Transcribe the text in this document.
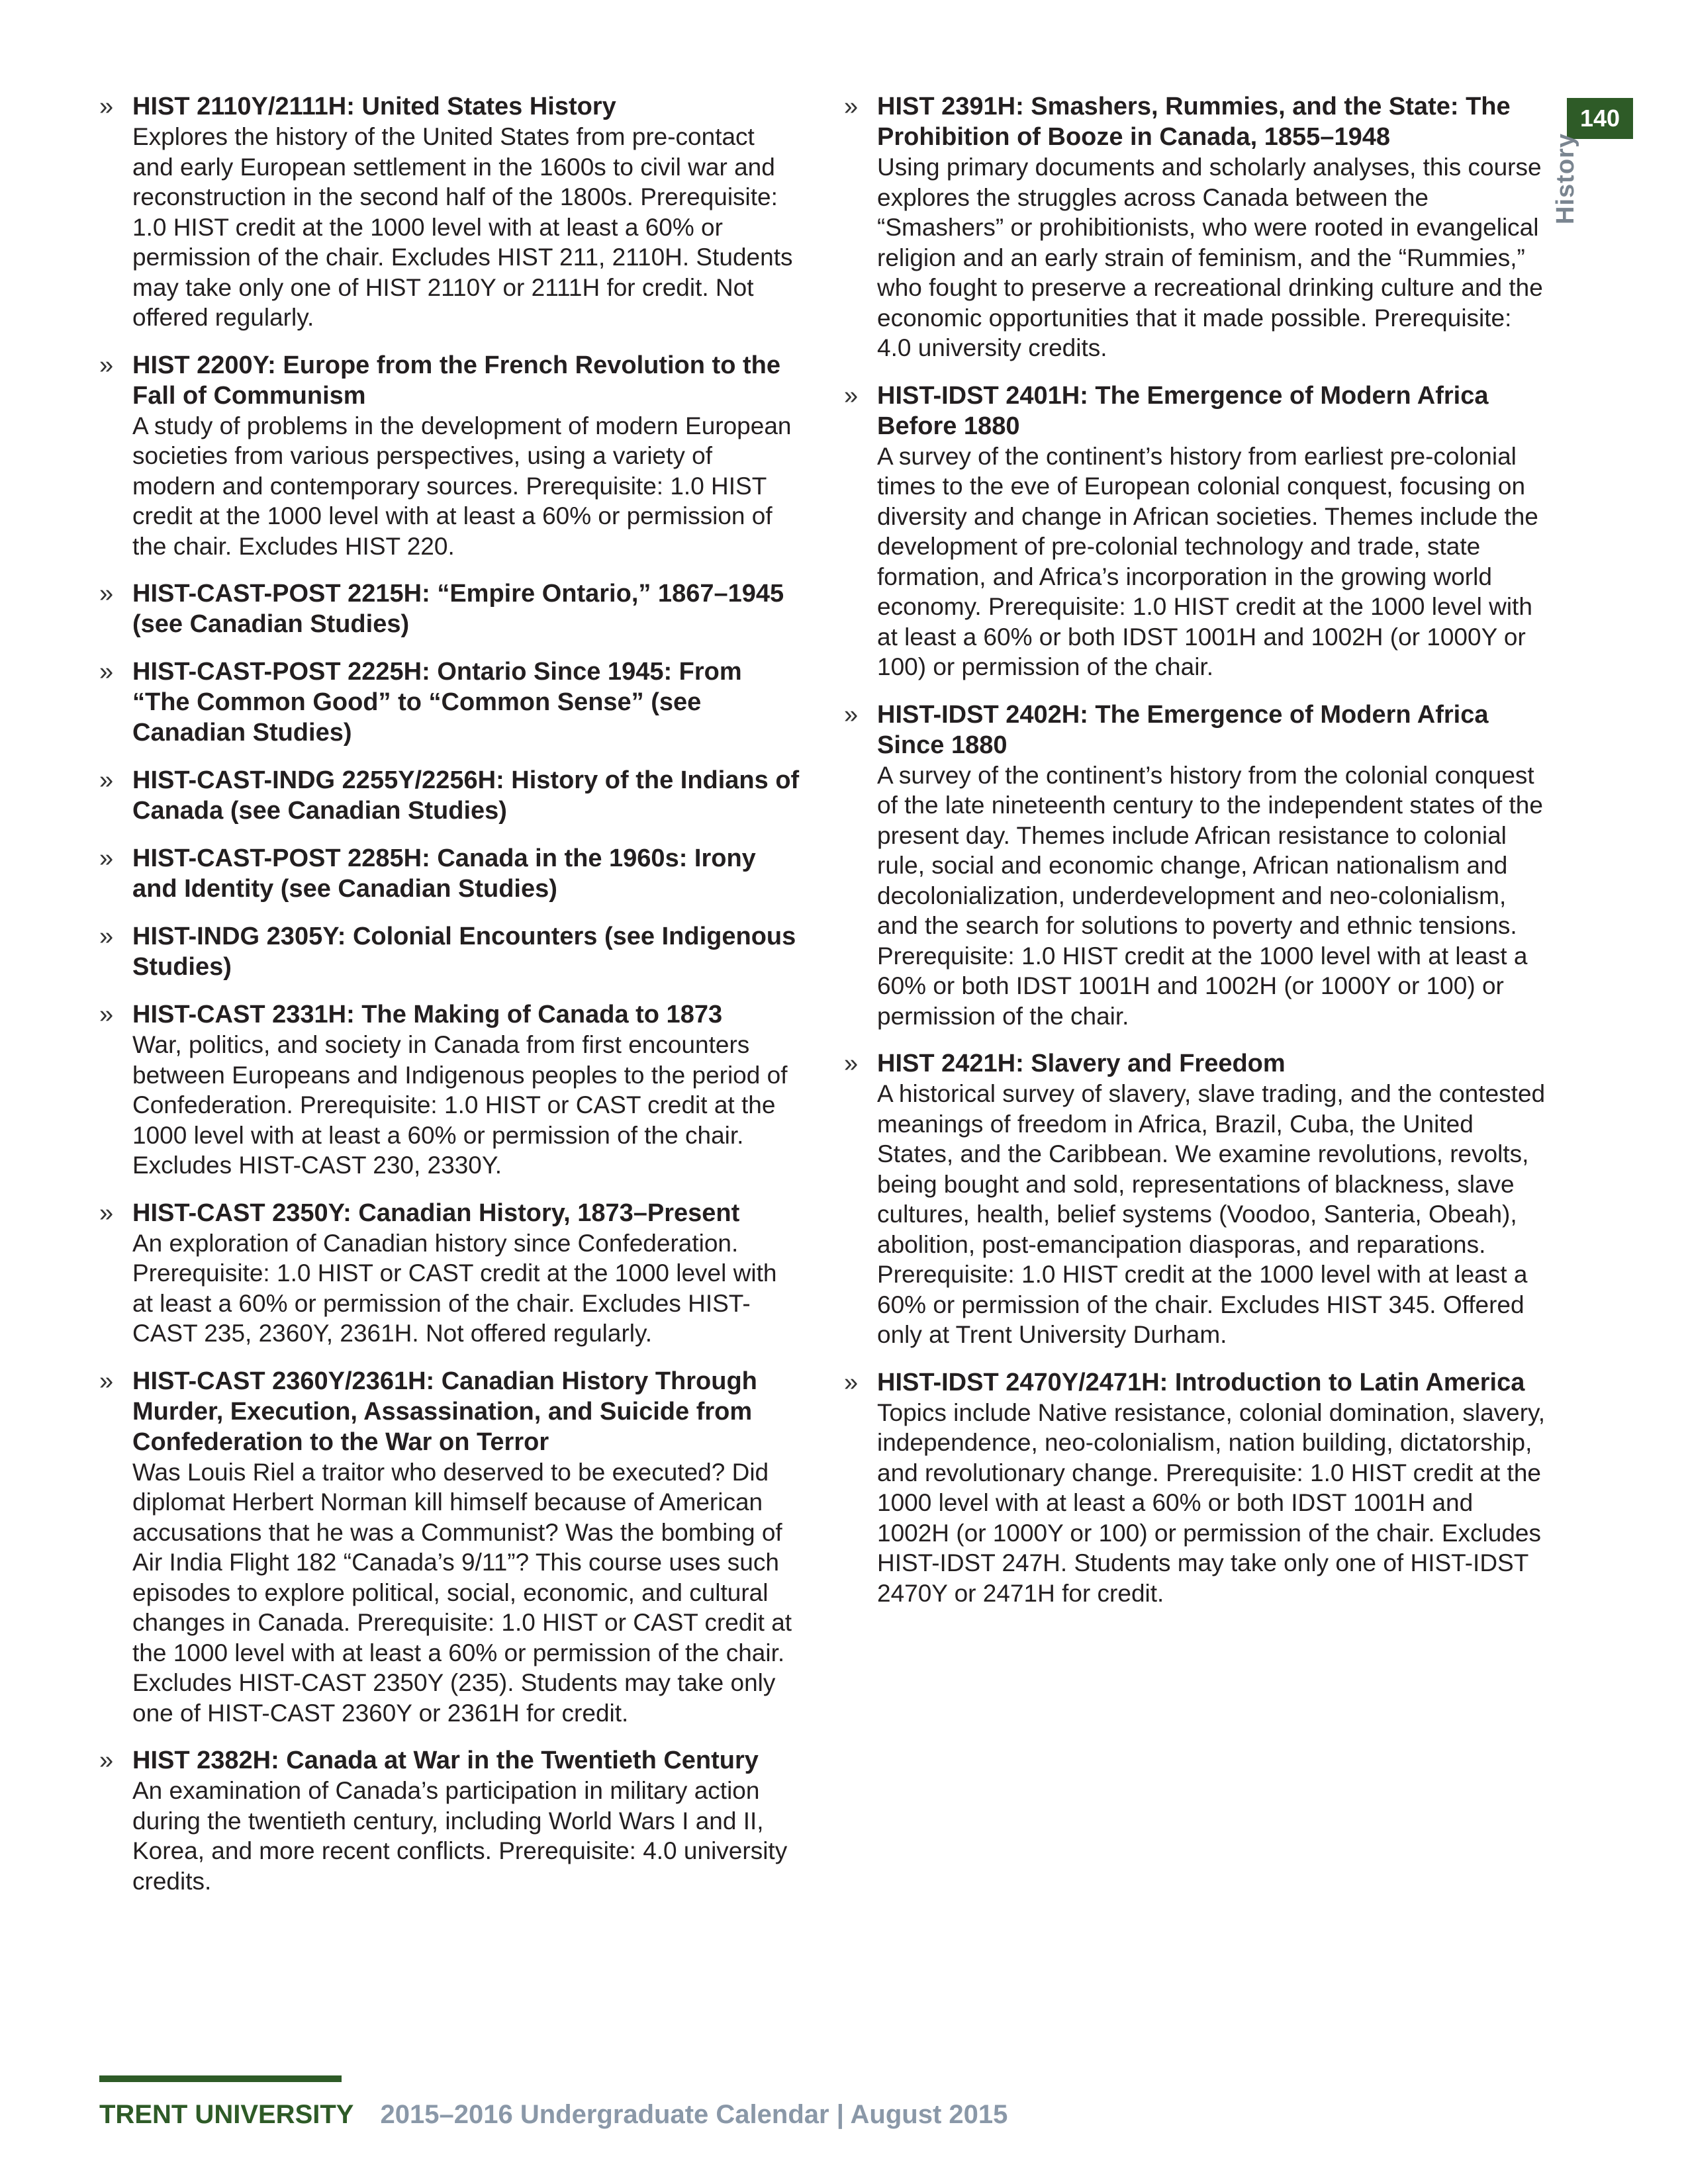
» HIST 2110Y/2111H: United States History
Explores the history of the United States from pre-contact and early European settlement in the 1600s to civil war and reconstruction in the second half of the 1800s. Prerequisite: 1.0 HIST credit at the 1000 level with at least a 60% or permission of the chair. Excludes HIST 211, 2110H. Students may take only one of HIST 2110Y or 2111H for credit. Not offered regularly.
» HIST 2200Y: Europe from the French Revolution to the Fall of Communism
A study of problems in the development of modern European societies from various perspectives, using a variety of modern and contemporary sources. Prerequisite: 1.0 HIST credit at the 1000 level with at least a 60% or permission of the chair. Excludes HIST 220.
» HIST-CAST-POST 2215H: “Empire Ontario,” 1867–1945 (see Canadian Studies)
» HIST-CAST-POST 2225H: Ontario Since 1945: From “The Common Good” to “Common Sense” (see Canadian Studies)
» HIST-CAST-INDG 2255Y/2256H: History of the Indians of Canada (see Canadian Studies)
» HIST-CAST-POST 2285H: Canada in the 1960s: Irony and Identity (see Canadian Studies)
» HIST-INDG 2305Y: Colonial Encounters (see Indigenous Studies)
» HIST-CAST 2331H: The Making of Canada to 1873
War, politics, and society in Canada from first encounters between Europeans and Indigenous peoples to the period of Confederation. Prerequisite: 1.0 HIST or CAST credit at the 1000 level with at least a 60% or permission of the chair. Excludes HIST-CAST 230, 2330Y.
» HIST-CAST 2350Y: Canadian History, 1873–Present
An exploration of Canadian history since Confederation. Prerequisite: 1.0 HIST or CAST credit at the 1000 level with at least a 60% or permission of the chair. Excludes HIST-CAST 235, 2360Y, 2361H. Not offered regularly.
» HIST-CAST 2360Y/2361H: Canadian History Through Murder, Execution, Assassination, and Suicide from Confederation to the War on Terror
Was Louis Riel a traitor who deserved to be executed? Did diplomat Herbert Norman kill himself because of American accusations that he was a Communist? Was the bombing of Air India Flight 182 “Canada’s 9/11”? This course uses such episodes to explore political, social, economic, and cultural changes in Canada. Prerequisite: 1.0 HIST or CAST credit at the 1000 level with at least a 60% or permission of the chair. Excludes HIST-CAST 2350Y (235). Students may take only one of HIST-CAST 2360Y or 2361H for credit.
» HIST 2382H: Canada at War in the Twentieth Century
An examination of Canada’s participation in military action during the twentieth century, including World Wars I and II, Korea, and more recent conflicts. Prerequisite: 4.0 university credits.
» HIST 2391H: Smashers, Rummies, and the State: The Prohibition of Booze in Canada, 1855–1948
Using primary documents and scholarly analyses, this course explores the struggles across Canada between the “Smashers” or prohibitionists, who were rooted in evangelical religion and an early strain of feminism, and the “Rummies,” who fought to preserve a recreational drinking culture and the economic opportunities that it made possible. Prerequisite: 4.0 university credits.
» HIST-IDST 2401H: The Emergence of Modern Africa Before 1880
A survey of the continent’s history from earliest pre-colonial times to the eve of European colonial conquest, focusing on diversity and change in African societies. Themes include the development of pre-colonial technology and trade, state formation, and Africa’s incorporation in the growing world economy. Prerequisite: 1.0 HIST credit at the 1000 level with at least a 60% or both IDST 1001H and 1002H (or 1000Y or 100) or permission of the chair.
» HIST-IDST 2402H: The Emergence of Modern Africa Since 1880
A survey of the continent’s history from the colonial conquest of the late nineteenth century to the independent states of the present day. Themes include African resistance to colonial rule, social and economic change, African nationalism and decolonialization, underdevelopment and neo-colonialism, and the search for solutions to poverty and ethnic tensions. Prerequisite: 1.0 HIST credit at the 1000 level with at least a 60% or both IDST 1001H and 1002H (or 1000Y or 100) or permission of the chair.
» HIST 2421H: Slavery and Freedom
A historical survey of slavery, slave trading, and the contested meanings of freedom in Africa, Brazil, Cuba, the United States, and the Caribbean. We examine revolutions, revolts, being bought and sold, representations of blackness, slave cultures, health, belief systems (Voodoo, Santeria, Obeah), abolition, post-emancipation diasporas, and reparations. Prerequisite: 1.0 HIST credit at the 1000 level with at least a 60% or permission of the chair. Excludes HIST 345. Offered only at Trent University Durham.
» HIST-IDST 2470Y/2471H: Introduction to Latin America
Topics include Native resistance, colonial domination, slavery, independence, neo-colonialism, nation building, dictatorship, and revolutionary change. Prerequisite: 1.0 HIST credit at the 1000 level with at least a 60% or both IDST 1001H and 1002H (or 1000Y or 100) or permission of the chair. Excludes HIST-IDST 247H. Students may take only one of HIST-IDST 2470Y or 2471H for credit.
140
History
TRENT UNIVERSITY 2015–2016 Undergraduate Calendar | August 2015
